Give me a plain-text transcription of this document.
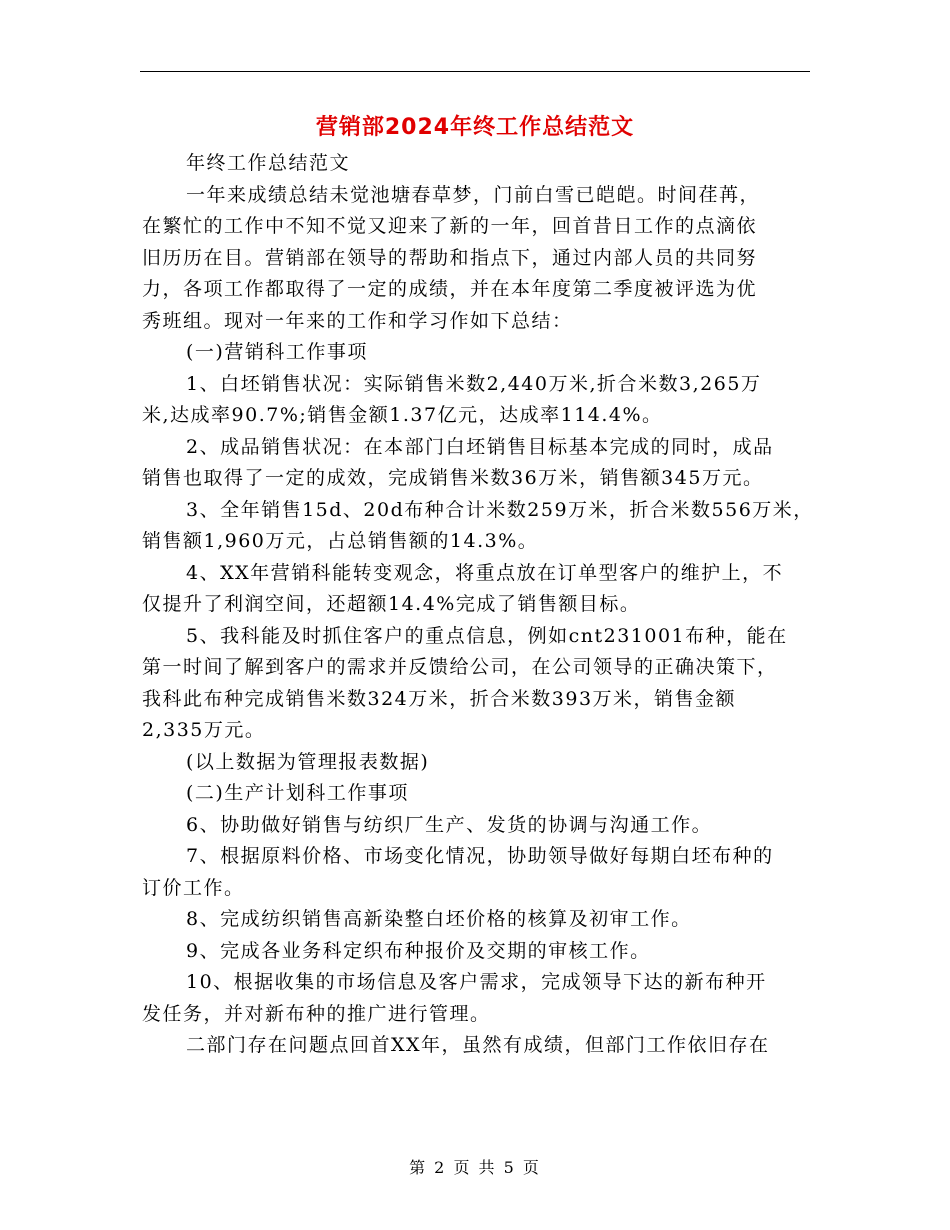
营销部2024年终工作总结范文
年终工作总结范文
一年来成绩总结未觉池塘春草梦，门前白雪已皑皑。时间荏苒，
在繁忙的工作中不知不觉又迎来了新的一年，回首昔日工作的点滴依
旧历历在目。营销部在领导的帮助和指点下，通过内部人员的共同努
力，各项工作都取得了一定的成绩，并在本年度第二季度被评选为优
秀班组。现对一年来的工作和学习作如下总结：
(一)营销科工作事项
1、白坯销售状况：实际销售米数2,440万米,折合米数3,265万
米,达成率90.7%;销售金额1.37亿元，达成率114.4%。
2、成品销售状况：在本部门白坯销售目标基本完成的同时，成品
销售也取得了一定的成效，完成销售米数36万米，销售额345万元。
3、全年销售15d、20d布种合计米数259万米，折合米数556万米，
销售额1,960万元，占总销售额的14.3%。
4、XX年营销科能转变观念，将重点放在订单型客户的维护上，不
仅提升了利润空间，还超额14.4%完成了销售额目标。
5、我科能及时抓住客户的重点信息，例如cnt231001布种，能在
第一时间了解到客户的需求并反馈给公司，在公司领导的正确决策下，
我科此布种完成销售米数324万米，折合米数393万米，销售金额
2,335万元。
(以上数据为管理报表数据)
(二)生产计划科工作事项
6、协助做好销售与纺织厂生产、发货的协调与沟通工作。
7、根据原料价格、市场变化情况，协助领导做好每期白坯布种的
订价工作。
8、完成纺织销售高新染整白坯价格的核算及初审工作。
9、完成各业务科定织布种报价及交期的审核工作。
10、根据收集的市场信息及客户需求，完成领导下达的新布种开
发任务，并对新布种的推广进行管理。
二部门存在问题点回首XX年，虽然有成绩，但部门工作依旧存在
第 2 页 共 5 页
